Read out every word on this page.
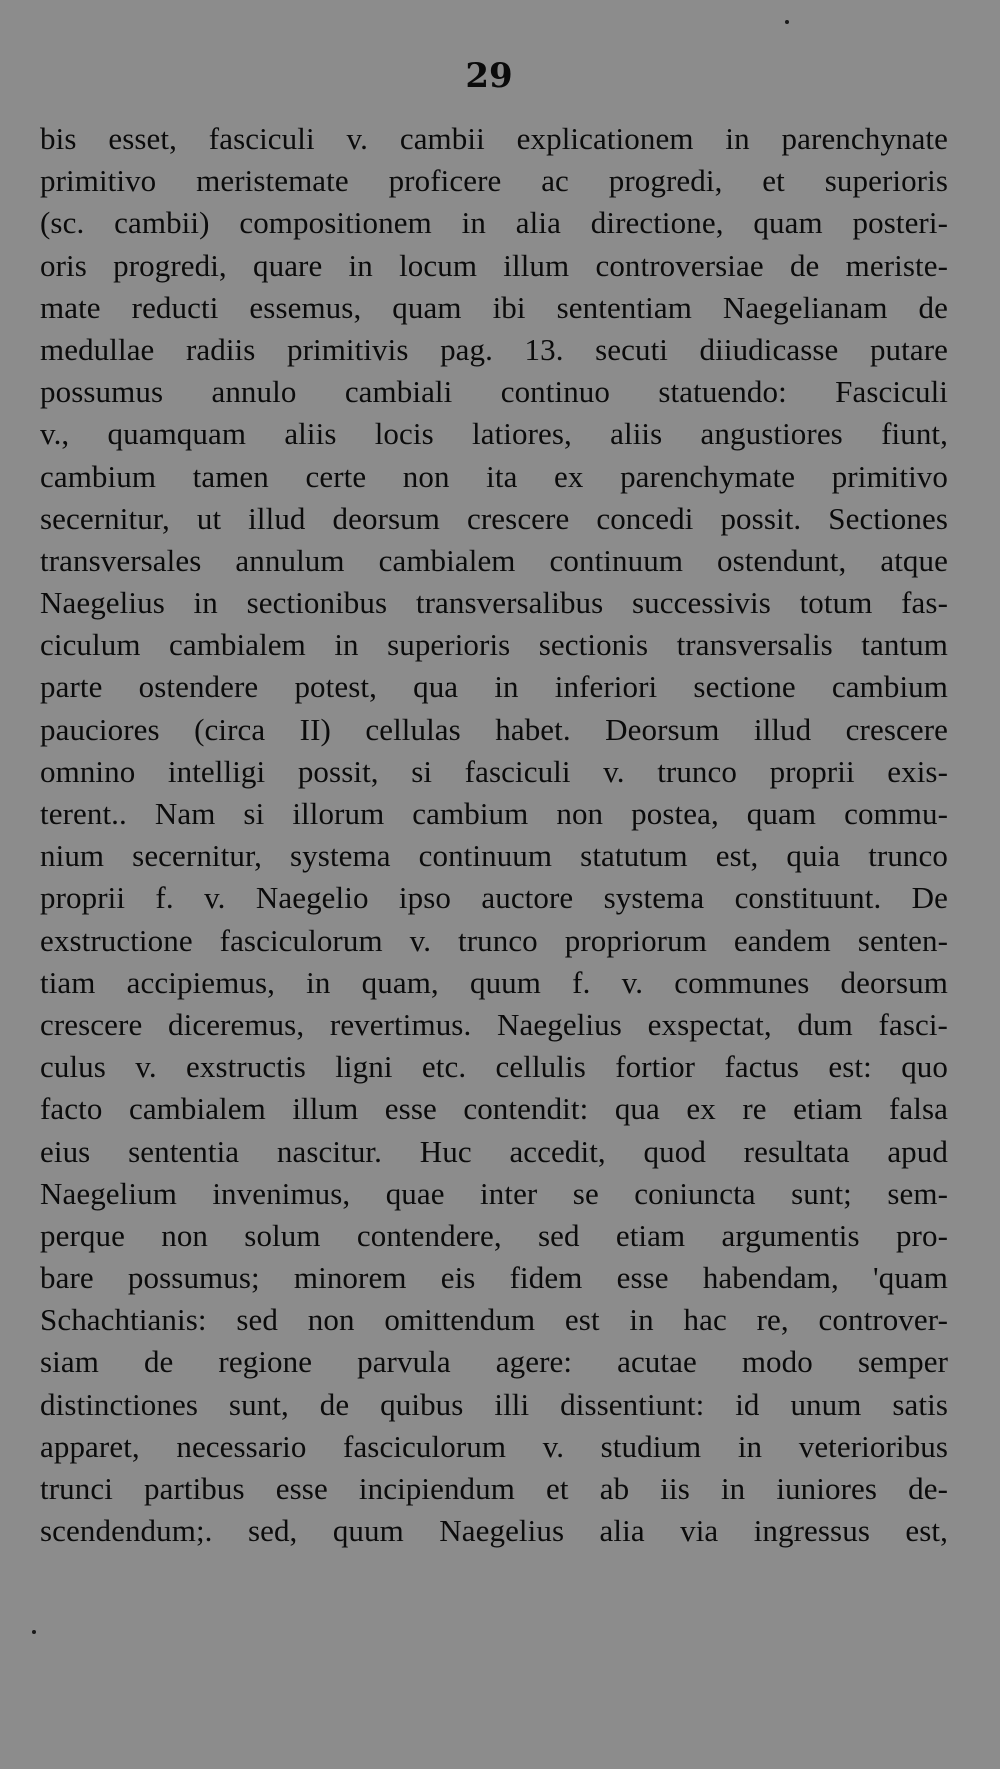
29
bis esset, fasciculi v. cambii explicationem in parenchynate
primitivo meristemate proficere ac progredi, et superioris
(sc. cambii) compositionem in alia directione, quam posteri-
oris progredi, quare in locum illum controversiae de meriste-
mate reducti essemus, quam ibi sententiam Naegelianam de
medullae radiis primitivis pag. 13. secuti diiudicasse putare
possumus annulo cambiali continuo statuendo: Fasciculi
v., quamquam aliis locis latiores, aliis angustiores fiunt,
cambium tamen certe non ita ex parenchymate primitivo
secernitur, ut illud deorsum crescere concedi possit. Sectiones
transversales annulum cambialem continuum ostendunt, atque
Naegelius in sectionibus transversalibus successivis totum fas-
ciculum cambialem in superioris sectionis transversalis tantum
parte ostendere potest, qua in inferiori sectione cambium
pauciores (circa II) cellulas habet. Deorsum illud crescere
omnino intelligi possit, si fasciculi v. trunco proprii exis-
terent.. Nam si illorum cambium non postea, quam commu-
nium secernitur, systema continuum statutum est, quia trunco
proprii f. v. Naegelio ipso auctore systema constituunt. De
exstructione fasciculorum v. trunco propriorum eandem senten-
tiam accipiemus, in quam, quum f. v. communes deorsum
crescere diceremus, revertimus. Naegelius exspectat, dum fasci-
culus v. exstructis ligni etc. cellulis fortior factus est: quo
facto cambialem illum esse contendit: qua ex re etiam falsa
eius sententia nascitur. Huc accedit, quod resultata apud
Naegelium invenimus, quae inter se coniuncta sunt; sem-
perque non solum contendere, sed etiam argumentis pro-
bare possumus; minorem eis fidem esse habendam, 'quam
Schachtianis: sed non omittendum est in hac re, controver-
siam de regione parvula agere: acutae modo semper
distinctiones sunt, de quibus illi dissentiunt: id unum satis
apparet, necessario fasciculorum v. studium in veterioribus
trunci partibus esse incipiendum et ab iis in iuniores de-
scendendum;. sed, quum Naegelius alia via ingressus est,
